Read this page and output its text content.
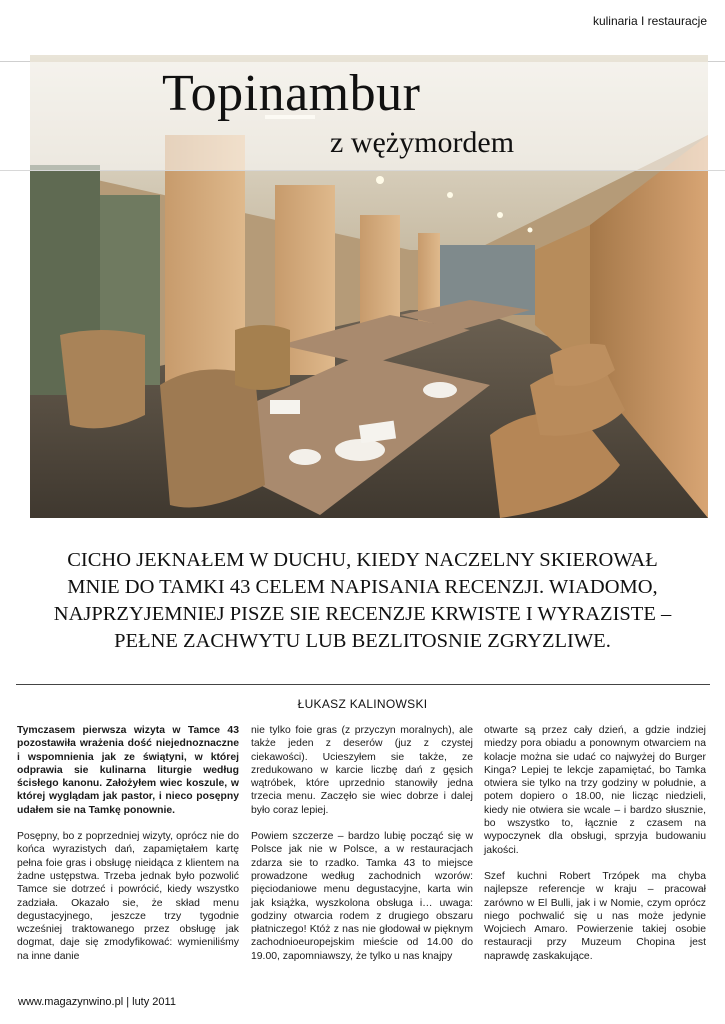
kulinaria I restauracje
Topinambur
z wężymordem
CICHO JEKNAŁEM W DUCHU, KIEDY NACZELNY SKIEROWAŁ MNIE DO TAMKI 43 CELEM NAPISANIA RECENZJI. WIADOMO, NAJPRZYJEMNIEJ PISZE SIE RECENZJE KRWISTE I WYRAZISTE – PEŁNE ZACHWYTU LUB BEZLITOSNIE ZGRYZLIWE.
ŁUKASZ KALINOWSKI

Tymczasem pierwsza wizyta w Tamce 43 pozostawiła wrażenia dość niejednoznaczne i wspomnienia jak ze świątyni, w której odprawia sie kulinarna liturgie według ścisłego kanonu. Założyłem wiec koszule, w której wyglądam jak pastor, i nieco posępny udałem sie na Tamkę ponownie.

Posępny, bo z poprzedniej wizyty, oprócz nie do końca wyrazistych dań, zapamiętałem kartę pełna foie gras i obsługę nieidąca z klientem na żadne ustępstwa. Trzeba jednak było pozwolić Tamce sie dotrzeć i powrócić, kiedy wszystko zadziała. Okazało sie, że skład menu degustacyjnego, jeszcze trzy tygodnie wcześniej traktowanego przez obsługę jak dogmat, daje się zmodyfikować: wymieniliśmy na inne danie

nie tylko foie gras (z przyczyn moralnych), ale także jeden z deserów (juz z czystej ciekawości). Ucieszyłem sie także, ze zredukowano w karcie liczbę dań z gęsich wątróbek, które uprzednio stanowiły jedna trzecia menu. Zaczęło sie wiec dobrze i dalej było coraz lepiej.

Powiem szczerze – bardzo lubię począć się w Polsce jak nie w Polsce, a w restauracjach zdarza sie to rzadko. Tamka 43 to miejsce prowadzone według zachodnich wzorów: pięciodaniowe menu degustacyjne, karta win jak książka, wyszkolona obsługa i… uwaga: godziny otwarcia rodem z drugiego obszaru płatniczego! Któż z nas nie głodował w pięknym zachodnioeuropejskim mieście od 14.00 do 19.00, zapomniawszy, że tylko u nas knajpy

otwarte są przez cały dzień, a gdzie indziej miedzy pora obiadu a ponownym otwarciem na kolacje można sie udać co najwyżej do Burger Kinga? Lepiej te lekcje zapamiętać, bo Tamka otwiera sie tylko na trzy godziny w południe, a potem dopiero o 18.00, nie licząc niedzieli, kiedy nie otwiera sie wcale – i bardzo słusznie, bo wszystko to, łącznie z czasem na wypoczynek dla obsługi, sprzyja budowaniu jakości.

Szef kuchni Robert Trzópek ma chyba najlepsze referencje w kraju – pracował zarówno w El Bulli, jak i w Nomie, czym oprócz niego pochwalić się u nas może jedynie Wojciech Amaro. Powierzenie takiej osobie restauracji przy Muzeum Chopina jest naprawdę zaskakujące.

www.magazynwino.pl | luty 2011
